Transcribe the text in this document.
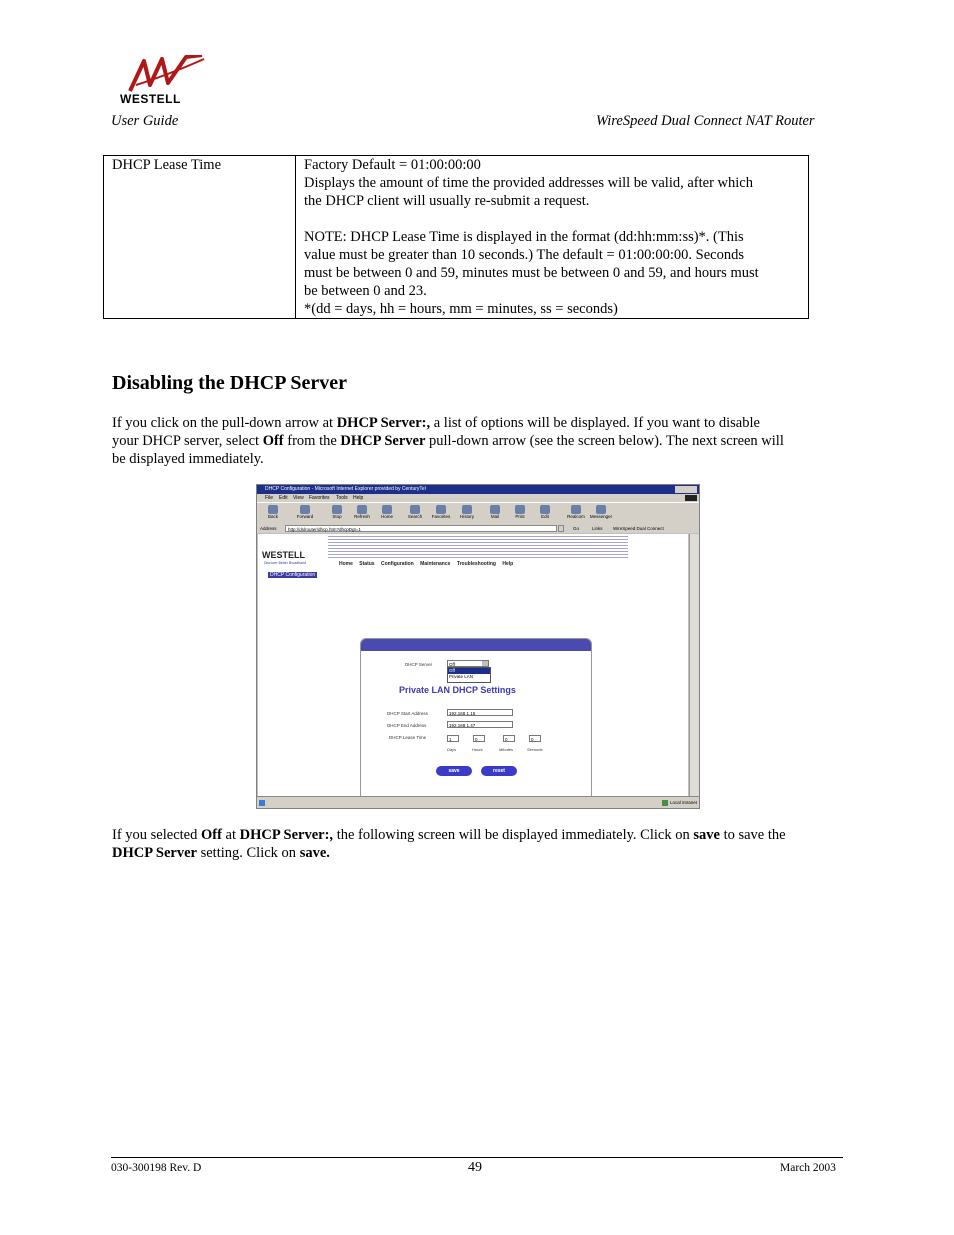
WESTELL
User Guide	WireSpeed Dual Connect NAT Router
DHCP Lease Time	Factory Default = 01:00:00:00
Displays the amount of time the provided addresses will be valid, after which
the DHCP client will usually re-submit a request.
NOTE: DHCP Lease Time is displayed in the format (dd:hh:mm:ss)*. (This
value must be greater than 10 seconds.) The default = 01:00:00:00. Seconds
must be between 0 and 59, minutes must be between 0 and 59, and hours must
be between 0 and 23.
*(dd = days, hh = hours, mm = minutes, ss = seconds)
Disabling the DHCP Server
If you click on the pull-down arrow at DHCP Server:, a list of options will be displayed. If you want to disable
your DHCP server, select Off from the DHCP Server pull-down arrow (see the screen below). The next screen will
be displayed immediately.
DHCP Configuration - Microsoft Internet Explorer provided by CenturyTel
File Edit View Favorites Tools Help
Back	Forward	Stop	Refresh	Home	Search	Favorites	History	Mail	Print	Edit	Realcom	Messenger
Address	http://dslrouter/dhcp.htm?dhcpDgt=1	Go	Links WireSpeed Dual Connect
WESTELL
Discover Better Broadband	Home Status Configuration Maintenance Troubleshooting Help
DHCP Configuration
DHCP Server	Off
Off
Private LAN
Private LAN DHCP Settings
DHCP Start Address	192.168.1.15
DHCP End Address	192.168.1.47
DHCP Lease Time	1	0	0	0
Days	Hours	Minutes	Seconds
save	reset
Local intranet
If you selected Off at DHCP Server:, the following screen will be displayed immediately. Click on save to save the
DHCP Server setting. Click on save.
030-300198 Rev. D	49	March 2003
